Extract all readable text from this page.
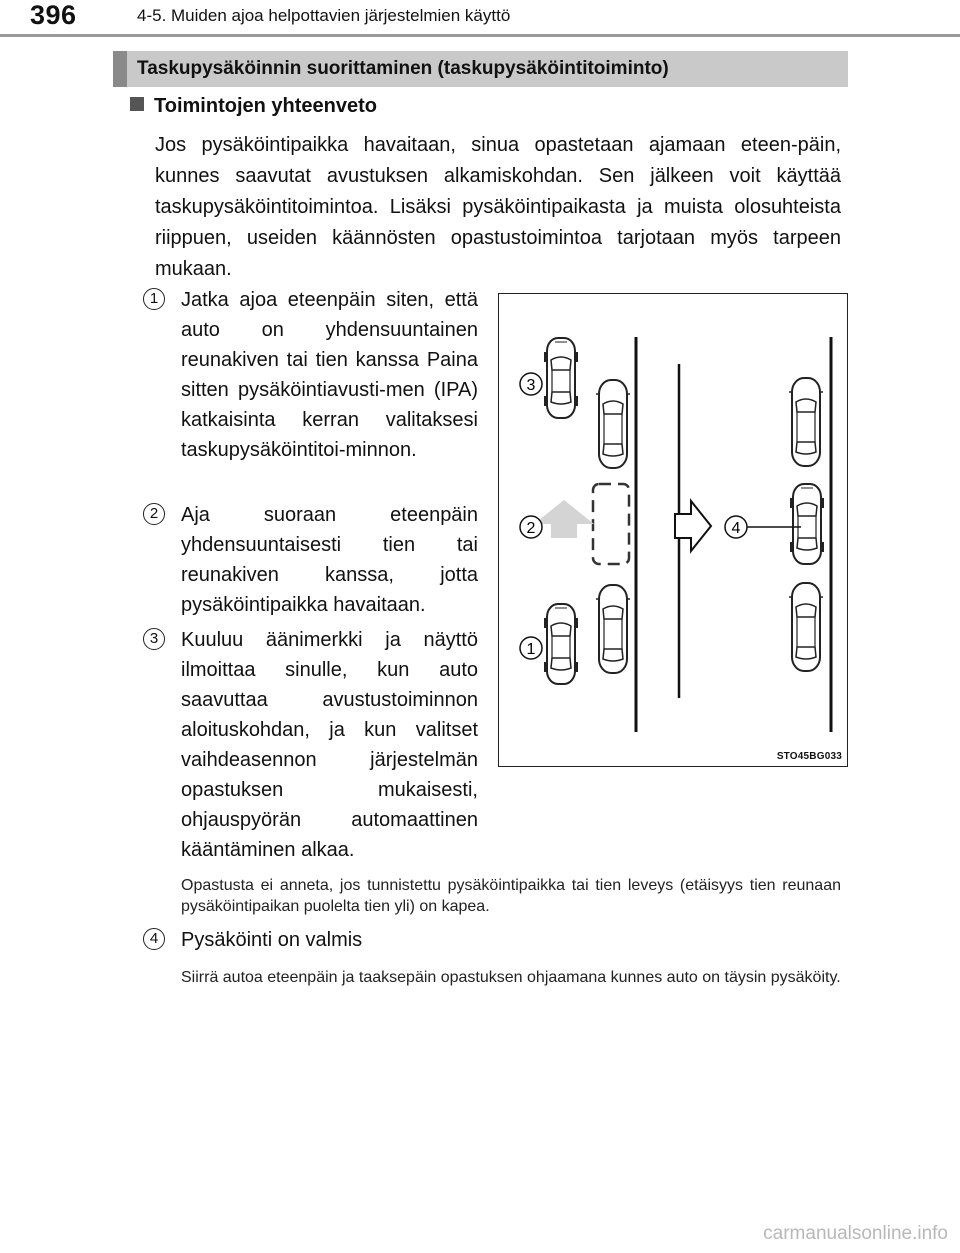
396	4-5. Muiden ajoa helpottavien järjestelmien käyttö
Taskupysäköinnin suorittaminen (taskupysäköintitoiminto)
Toimintojen yhteenveto

Jos pysäköintipaikka havaitaan, sinua opastetaan ajamaan eteen-päin, kunnes saavutat avustuksen alkamiskohdan. Sen jälkeen voit käyttää taskupysäköintitoimintoa. Lisäksi pysäköintipaikasta ja muista olosuhteista riippuen, useiden käännösten opastustoimintoa tarjotaan myös tarpeen mukaan.

1	Jatka ajoa eteenpäin siten, että auto on yhdensuuntainen reunakiven tai tien kanssa Paina sitten pysäköintiavusti-men (IPA) katkaisinta kerran valitaksesi taskupysäköintitoi-minnon.

2	Aja suoraan eteenpäin yhdensuuntaisesti tien tai reunakiven kanssa, jotta pysäköintipaikka havaitaan.

3	Kuuluu äänimerkki ja näyttö ilmoittaa sinulle, kun auto saavuttaa avustustoiminnon aloituskohdan, ja kun valitset vaihdeasennon järjestelmän opastuksen mukaisesti, ohjauspyörän automaattinen kääntäminen alkaa.

Opastusta ei anneta, jos tunnistettu pysäköintipaikka tai tien leveys (etäisyys tien reunaan pysäköintipaikan puolelta tien yli) on kapea.

4	Pysäköinti on valmis

Siirrä autoa eteenpäin ja taaksepäin opastuksen ohjaamana kunnes auto on täysin pysäköity.

3
2	4
1
STO45BG033
carmanualsonline.info
